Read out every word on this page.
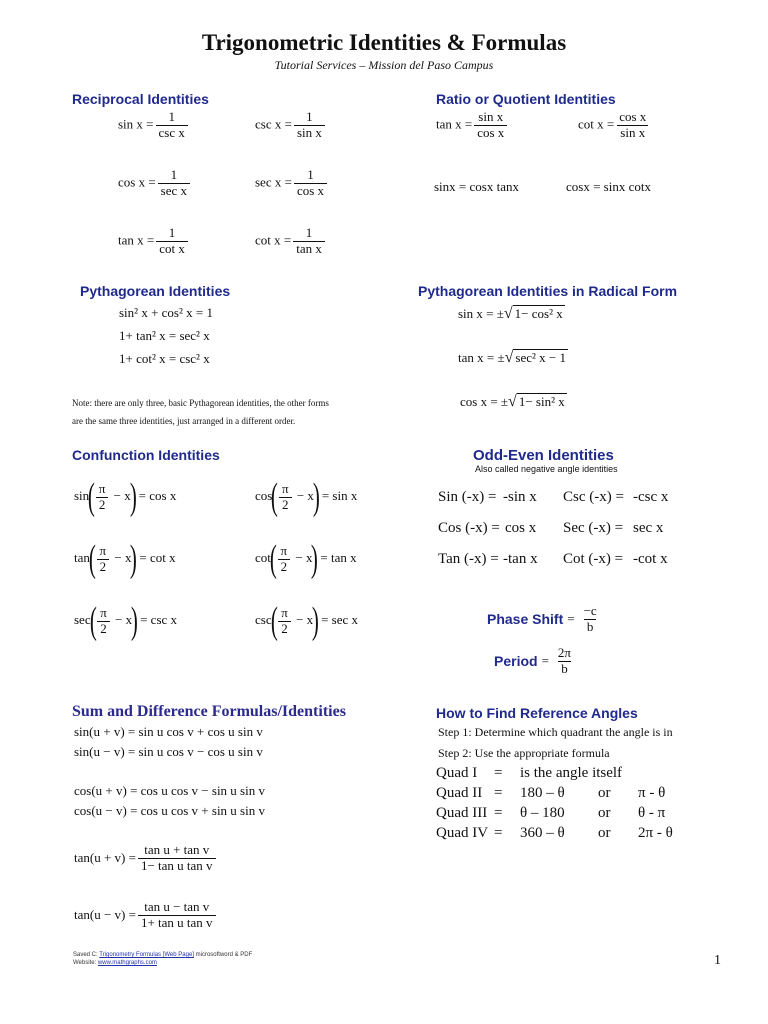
Trigonometric Identities & Formulas
Tutorial Services – Mission del Paso Campus
Reciprocal Identities
$\sin x = \frac{1}{\text{csc x}}$	$\csc x = \frac{1}{\text{sin x}}$
$\cos x = \frac{1}{\text{sec x}}$	$\sec x = \frac{1}{\text{cos x}}$
$\tan x = \frac{1}{\text{cot x}}$	$\cot x = \frac{1}{\text{tan x}}$
Ratio or Quotient Identities
$\tan x = \frac{\text{sin x}}{\text{cos x}}$	$\cot x = \frac{\text{cos x}}{\text{sin x}}$
sinx = cosx tanx	cosx = sinx cotx
Pythagorean Identities
sin² x + cos² x = 1
1+ tan² x = sec² x
1+ cot² x = csc² x
Note: there are only three, basic Pythagorean identities, the other forms
are the same three identities, just arranged in a different order.
Pythagorean Identities in Radical Form
sin x = ± √ 1− cos² x
tan x = ± √ sec² x − 1
cos x = ± √ 1− sin² x
Confunction Identities
$\sin( \frac{\pi}{2} - x) = \cos x$	$\cos( \frac{\pi}{2} - x) = \sin x$
$\tan( \frac{\pi}{2} - x) = \cot x$	$\cot( \frac{\pi}{2} - x) = \tan x$
$\sec( \frac{\pi}{2} - x) = \csc x$	$\csc( \frac{\pi}{2} - x) = \sec x$
Odd-Even Identities
Also called negative angle identities
Sin (-x) = -sin x Csc (-x) = -csc x
Cos (-x) = cos x Sec (-x) = sec x
Tan (-x) = -tan x Cot (-x) = -cot x
Phase Shift = $\frac{-c}{b}$
Period = $\frac{2\pi}{b}$
Sum and Difference Formulas/Identities
sin(u + v) = sin u cos v + cos u sin v
sin(u − v) = sin u cos v − cos u sin v
cos(u + v) = cos u cos v − sin u sin v
cos(u − v) = cos u cos v + sin u sin v
$\tan(u + v) = \frac{\text{tan u + tan v}}{\text{1− tan u tan v}}$
$\tan(u - v) = \frac{\text{tan u − tan v}}{\text{1+ tan u tan v}}$
How to Find Reference Angles
Step 1: Determine which quadrant the angle is in
Step 2: Use the appropriate formula
Quad I	=	is the angle itself		
Quad II	=	180 – θ	or	π - θ
Quad III	=	θ – 180	or	θ - π
Quad IV	=	360 – θ	or	2π - θ
Saved C: Trigonometry Formulas [Web Page] microsoftword & PDF
Website: www.mathgraphs.com	1
